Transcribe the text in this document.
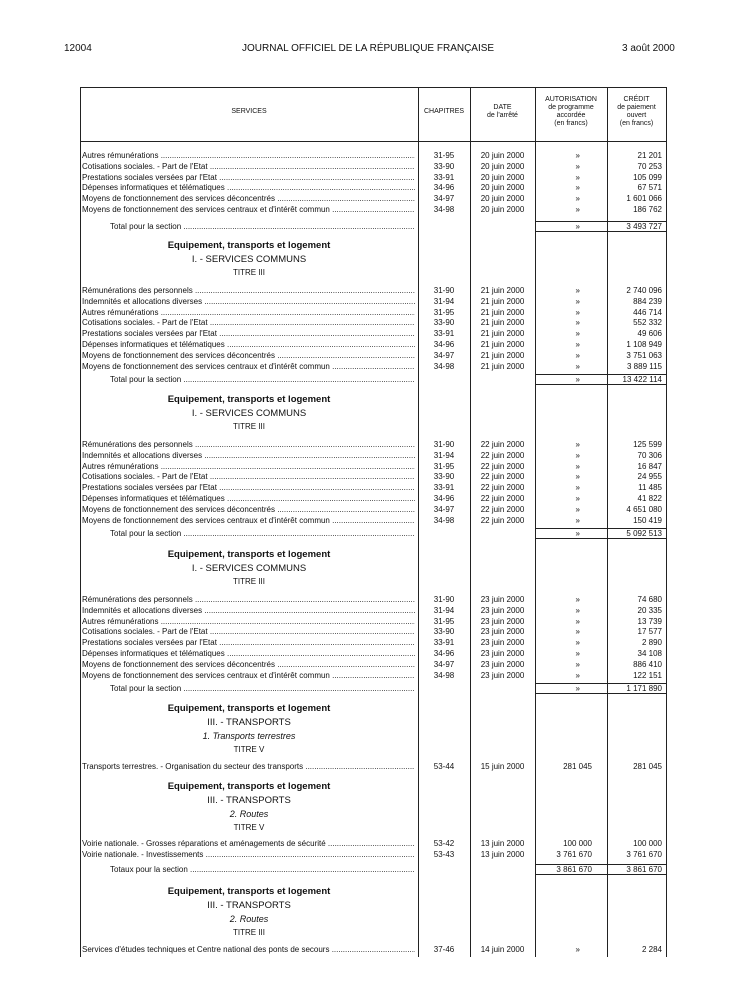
12004	JOURNAL OFFICIEL DE LA RÉPUBLIQUE FRANÇAISE	3 août 2000
SERVICES	CHAPITRES
DATE
de l'arrêté
AUTORISATION
de programme
accordée
(en francs)
CRÉDIT
de paiement
ouvert
(en francs)
Autres rémunérations .....	31-95	20 juin 2000	»	21 201
Cotisations sociales. - Part de l'Etat .....	33-90	20 juin 2000	»	70 253
Prestations sociales versées par l'Etat .....	33-91	20 juin 2000	»	105 099
Dépenses informatiques et télématiques .....	34-96	20 juin 2000	»	67 571
Moyens de fonctionnement des services déconcentrés .....	34-97	20 juin 2000	»	1 601 066
Moyens de fonctionnement des services centraux et d'intérêt commun .....	34-98	20 juin 2000	»	186 762
Total pour la section .....	»	3 493 727
Equipement, transports et logement
I. - SERVICES COMMUNS
TITRE III
Rémunérations des personnels .....	31-90	21 juin 2000	»	2 740 096
Indemnités et allocations diverses .....	31-94	21 juin 2000	»	884 239
Autres rémunérations .....	31-95	21 juin 2000	»	446 714
Cotisations sociales. - Part de l'Etat .....	33-90	21 juin 2000	»	552 332
Prestations sociales versées par l'Etat .....	33-91	21 juin 2000	»	49 606
Dépenses informatiques et télématiques .....	34-96	21 juin 2000	»	1 108 949
Moyens de fonctionnement des services déconcentrés .....	34-97	21 juin 2000	»	3 751 063
Moyens de fonctionnement des services centraux et d'intérêt commun .....	34-98	21 juin 2000	»	3 889 115
Total pour la section .....	»	13 422 114
Equipement, transports et logement
I. - SERVICES COMMUNS
TITRE III
Rémunérations des personnels .....	31-90	22 juin 2000	»	125 599
Indemnités et allocations diverses .....	31-94	22 juin 2000	»	70 306
Autres rémunérations .....	31-95	22 juin 2000	»	16 847
Cotisations sociales. - Part de l'Etat .....	33-90	22 juin 2000	»	24 955
Prestations sociales versées par l'Etat .....	33-91	22 juin 2000	»	11 485
Dépenses informatiques et télématiques .....	34-96	22 juin 2000	»	41 822
Moyens de fonctionnement des services déconcentrés .....	34-97	22 juin 2000	»	4 651 080
Moyens de fonctionnement des services centraux et d'intérêt commun .....	34-98	22 juin 2000	»	150 419
Total pour la section .....	»	5 092 513
Equipement, transports et logement
I. - SERVICES COMMUNS
TITRE III
Rémunérations des personnels .....	31-90	23 juin 2000	»	74 680
Indemnités et allocations diverses .....	31-94	23 juin 2000	»	20 335
Autres rémunérations .....	31-95	23 juin 2000	»	13 739
Cotisations sociales. - Part de l'Etat .....	33-90	23 juin 2000	»	17 577
Prestations sociales versées par l'Etat .....	33-91	23 juin 2000	»	2 890
Dépenses informatiques et télématiques .....	34-96	23 juin 2000	»	34 108
Moyens de fonctionnement des services déconcentrés .....	34-97	23 juin 2000	»	886 410
Moyens de fonctionnement des services centraux et d'intérêt commun .....	34-98	23 juin 2000	»	122 151
Total pour la section .....	»	1 171 890
Equipement, transports et logement
III. - TRANSPORTS
1. Transports terrestres
TITRE V
Transports terrestres. - Organisation du secteur des transports .....	53-44	15 juin 2000	281 045	281 045
Equipement, transports et logement
III. - TRANSPORTS
2. Routes
TITRE V
Voirie nationale. - Grosses réparations et aménagements de sécurité .....	53-42	13 juin 2000	100 000	100 000
Voirie nationale. - Investissements .....	53-43	13 juin 2000	3 761 670	3 761 670
Totaux pour la section .....	3 861 670	3 861 670
Equipement, transports et logement
III. - TRANSPORTS
2. Routes
TITRE III
Services d'études techniques et Centre national des ponts de secours .....	37-46	14 juin 2000	»	2 284
